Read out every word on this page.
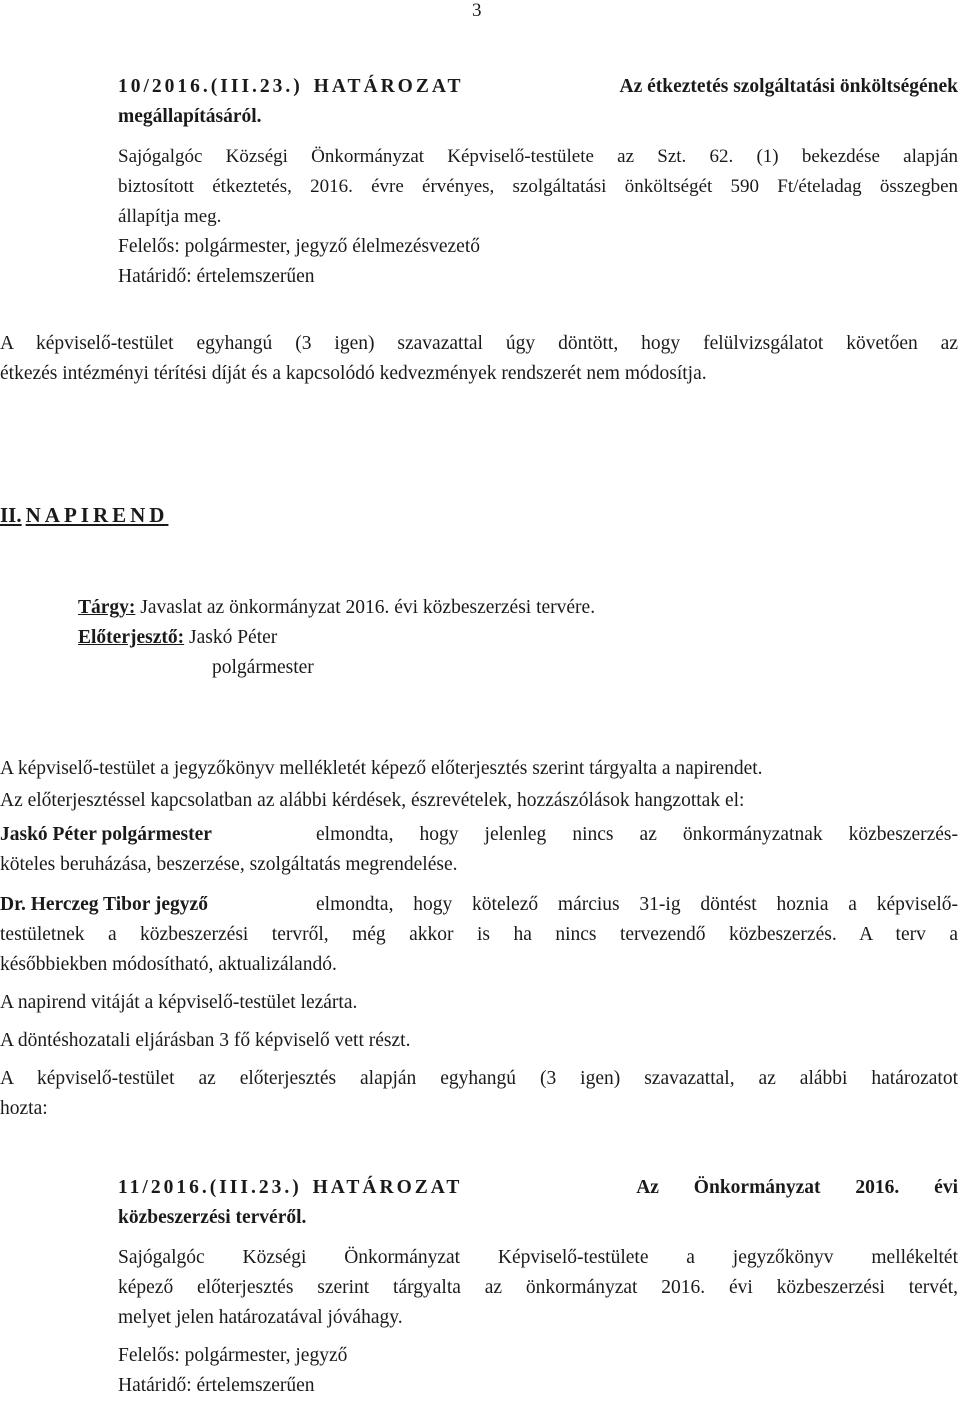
3
10/2016.(III.23.) HATÁROZAT	Az étkeztetés szolgáltatási önköltségének
megállapításáról.
Sajógalgóc Községi Önkormányzat Képviselő-testülete az Szt. 62. (1) bekezdése alapján
biztosított étkeztetés, 2016. évre érvényes, szolgáltatási önköltségét 590 Ft/ételadag összegben
állapítja meg.
Felelős: polgármester, jegyző élelmezésvezető
Határidő: értelemszerűen
A képviselő-testület egyhangú (3 igen) szavazattal úgy döntött, hogy felülvizsgálatot követően az
étkezés intézményi térítési díját és a kapcsolódó kedvezmények rendszerét nem módosítja.
II. NAPIREND
Tárgy: Javaslat az önkormányzat 2016. évi közbeszerzési tervére.
Előterjesztő: Jaskó Péter
polgármester
A képviselő-testület a jegyzőkönyv mellékletét képező előterjesztés szerint tárgyalta a napirendet.
Az előterjesztéssel kapcsolatban az alábbi kérdések, észrevételek, hozzászólások hangzottak el:
Jaskó Péter polgármester	elmondta, hogy jelenleg nincs az önkormányzatnak közbeszerzés-
köteles beruházása, beszerzése, szolgáltatás megrendelése.
Dr. Herczeg Tibor jegyző	elmondta, hogy kötelező március 31-ig döntést hoznia a képviselő-
testületnek a közbeszerzési tervről, még akkor is ha nincs tervezendő közbeszerzés. A terv a
későbbiekben módosítható, aktualizálandó.
A napirend vitáját a képviselő-testület lezárta.
A döntéshozatali eljárásban 3 fő képviselő vett részt.
A képviselő-testület az előterjesztés alapján egyhangú (3 igen) szavazattal, az alábbi határozatot
hozta:
11/2016.(III.23.) HATÁROZAT	Az Önkormányzat 2016. évi
közbeszerzési tervéről.
Sajógalgóc Községi Önkormányzat Képviselő-testülete a jegyzőkönyv mellékeltét
képező előterjesztés szerint tárgyalta az önkormányzat 2016. évi közbeszerzési tervét,
melyet jelen határozatával jóváhagy.
Felelős: polgármester, jegyző
Határidő: értelemszerűen
